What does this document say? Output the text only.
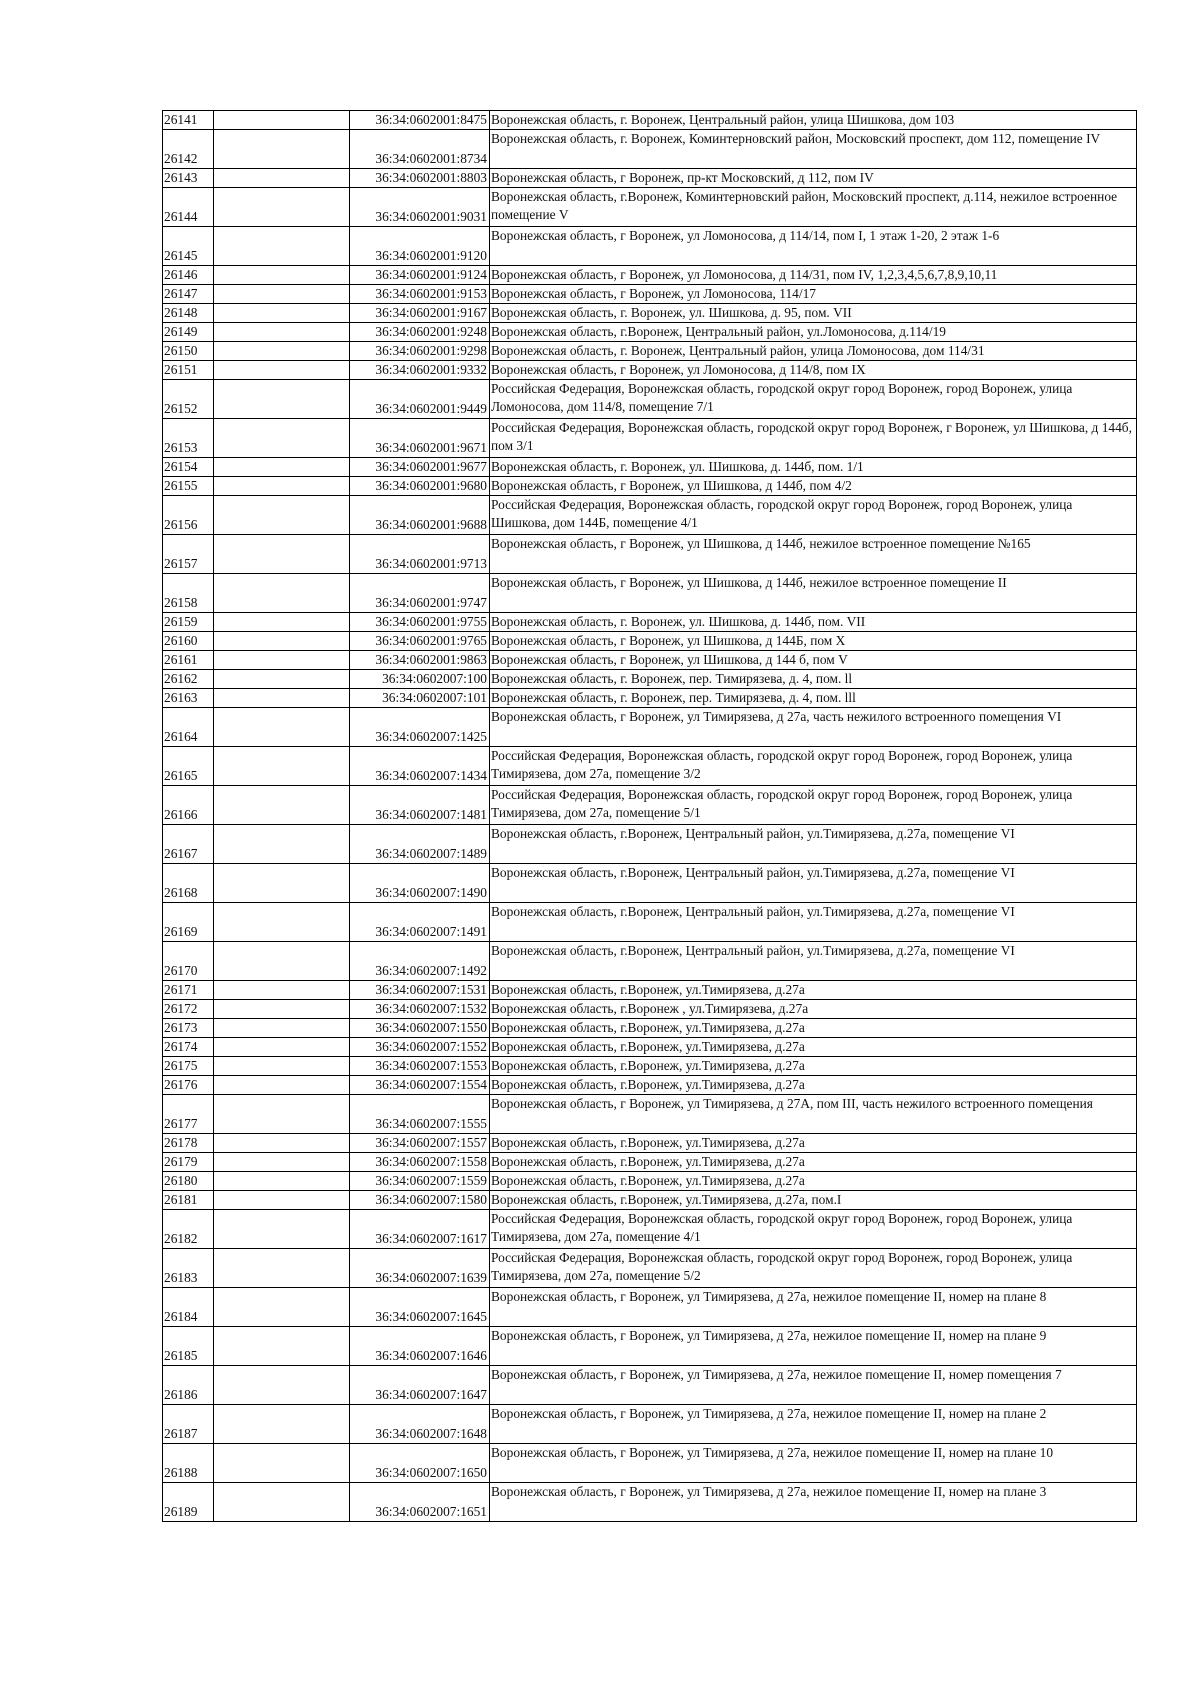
26141		36:34:0602001:8475	Воронежская область, г. Воронеж, Центральный район, улица Шишкова, дом 103
26142		36:34:0602001:8734	Воронежская область, г. Воронеж, Коминтерновский район, Московский проспект, дом 112, помещение IV
26143		36:34:0602001:8803	Воронежская область, г Воронеж, пр-кт Московский, д 112, пом IV
26144		36:34:0602001:9031	Воронежская область, г.Воронеж, Коминтерновский район, Московский проспект, д.114, нежилое встроенное помещение V
26145		36:34:0602001:9120	Воронежская область, г Воронеж, ул Ломоносова, д 114/14, пом I, 1 этаж 1-20, 2 этаж 1-6
26146		36:34:0602001:9124	Воронежская область, г Воронеж, ул Ломоносова, д 114/31, пом IV, 1,2,3,4,5,6,7,8,9,10,11
26147		36:34:0602001:9153	Воронежская область, г Воронеж, ул Ломоносова, 114/17
26148		36:34:0602001:9167	Воронежская область, г. Воронеж, ул. Шишкова, д. 95, пом. VII
26149		36:34:0602001:9248	Воронежская область, г.Воронеж, Центральный район, ул.Ломоносова, д.114/19
26150		36:34:0602001:9298	Воронежская область, г. Воронеж, Центральный район, улица Ломоносова, дом 114/31
26151		36:34:0602001:9332	Воронежская область, г Воронеж, ул Ломоносова, д 114/8, пом IX
26152		36:34:0602001:9449	Российская Федерация, Воронежская область, городской округ город Воронеж, город Воронеж, улица Ломоносова, дом 114/8, помещение 7/1
26153		36:34:0602001:9671	Российская Федерация, Воронежская область, городской округ город Воронеж, г Воронеж, ул Шишкова, д 144б, пом 3/1
26154		36:34:0602001:9677	Воронежская область, г. Воронеж, ул. Шишкова, д. 144б, пом. 1/1
26155		36:34:0602001:9680	Воронежская область, г Воронеж, ул Шишкова, д 144б, пом 4/2
26156		36:34:0602001:9688	Российская Федерация, Воронежская область, городской округ город Воронеж, город Воронеж, улица Шишкова, дом 144Б, помещение 4/1
26157		36:34:0602001:9713	Воронежская область, г Воронеж, ул Шишкова, д 144б, нежилое встроенное помещение №165
26158		36:34:0602001:9747	Воронежская область, г Воронеж, ул Шишкова, д 144б, нежилое встроенное помещение II
26159		36:34:0602001:9755	Воронежская область, г. Воронеж, ул. Шишкова, д. 144б, пом. VII
26160		36:34:0602001:9765	Воронежская область, г Воронеж, ул Шишкова, д 144Б, пом X
26161		36:34:0602001:9863	Воронежская область, г Воронеж, ул Шишкова, д 144 б, пом V
26162		36:34:0602007:100	Воронежская область, г. Воронеж, пер. Тимирязева, д. 4, пом. ll
26163		36:34:0602007:101	Воронежская область, г. Воронеж, пер. Тимирязева, д. 4, пом. lll
26164		36:34:0602007:1425	Воронежская область, г Воронеж, ул Тимирязева, д 27а, часть нежилого встроенного помещения VI
26165		36:34:0602007:1434	Российская Федерация, Воронежская область, городской округ город Воронеж, город Воронеж, улица Тимирязева, дом 27а, помещение 3/2
26166		36:34:0602007:1481	Российская Федерация, Воронежская область, городской округ город Воронеж, город Воронеж, улица Тимирязева, дом 27а, помещение 5/1
26167		36:34:0602007:1489	Воронежская область, г.Воронеж, Центральный район, ул.Тимирязева, д.27а, помещение VI
26168		36:34:0602007:1490	Воронежская область, г.Воронеж, Центральный район, ул.Тимирязева, д.27а, помещение VI
26169		36:34:0602007:1491	Воронежская область, г.Воронеж, Центральный район, ул.Тимирязева, д.27а, помещение VI
26170		36:34:0602007:1492	Воронежская область, г.Воронеж, Центральный район, ул.Тимирязева, д.27а, помещение VI
26171		36:34:0602007:1531	Воронежская область, г.Воронеж, ул.Тимирязева, д.27а
26172		36:34:0602007:1532	Воронежская область, г.Воронеж , ул.Тимирязева, д.27а
26173		36:34:0602007:1550	Воронежская область, г.Воронеж, ул.Тимирязева, д.27а
26174		36:34:0602007:1552	Воронежская область, г.Воронеж, ул.Тимирязева, д.27а
26175		36:34:0602007:1553	Воронежская область, г.Воронеж, ул.Тимирязева, д.27а
26176		36:34:0602007:1554	Воронежская область, г.Воронеж, ул.Тимирязева, д.27а
26177		36:34:0602007:1555	Воронежская область, г Воронеж, ул Тимирязева, д 27А, пом III, часть нежилого встроенного помещения
26178		36:34:0602007:1557	Воронежская область, г.Воронеж, ул.Тимирязева, д.27а
26179		36:34:0602007:1558	Воронежская область, г.Воронеж, ул.Тимирязева, д.27а
26180		36:34:0602007:1559	Воронежская область, г.Воронеж, ул.Тимирязева, д.27а
26181		36:34:0602007:1580	Воронежская область, г.Воронеж, ул.Тимирязева, д.27а, пом.I
26182		36:34:0602007:1617	Российская Федерация, Воронежская область, городской округ город Воронеж, город Воронеж, улица Тимирязева, дом 27а, помещение 4/1
26183		36:34:0602007:1639	Российская Федерация, Воронежская область, городской округ город Воронеж, город Воронеж, улица Тимирязева, дом 27а, помещение 5/2
26184		36:34:0602007:1645	Воронежская область, г Воронеж, ул Тимирязева, д 27а, нежилое помещение II, номер на плане 8
26185		36:34:0602007:1646	Воронежская область, г Воронеж, ул Тимирязева, д 27а, нежилое помещение II, номер на плане 9
26186		36:34:0602007:1647	Воронежская область, г Воронеж, ул Тимирязева, д 27а, нежилое помещение II, номер помещения 7
26187		36:34:0602007:1648	Воронежская область, г Воронеж, ул Тимирязева, д 27а, нежилое помещение II, номер на плане 2
26188		36:34:0602007:1650	Воронежская область, г Воронеж, ул Тимирязева, д 27а, нежилое помещение II, номер на плане 10
26189		36:34:0602007:1651	Воронежская область, г Воронеж, ул Тимирязева, д 27а, нежилое помещение II, номер на плане 3
